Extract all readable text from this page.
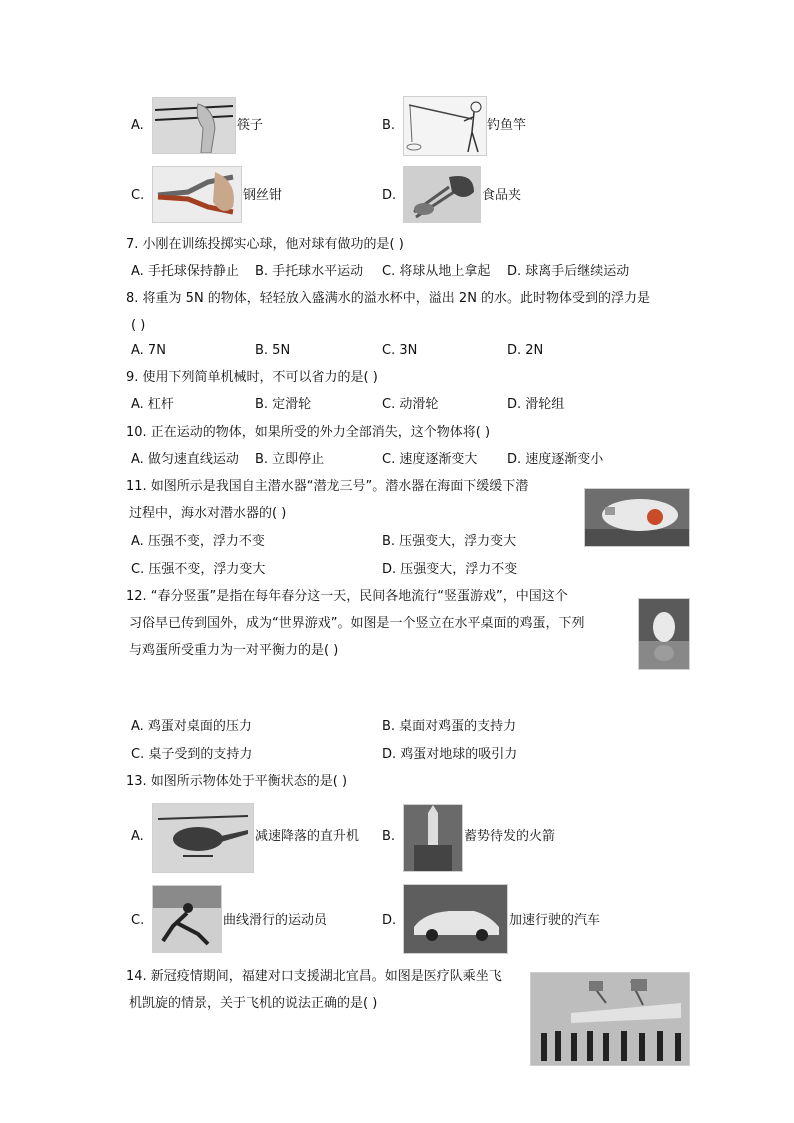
A.	筷子	B.	钓鱼竿
C.	钢丝钳	D.	食品夹
7. 小刚在训练投掷实心球，他对球有做功的是( )
A. 手托球保持静止 B. 手托球水平运动 C. 将球从地上拿起 D. 球离手后继续运动
8. 将重为 5N 的物体，轻轻放入盛满水的溢水杯中，溢出 2N 的水。此时物体受到的浮力是
( )
A. 7N	B. 5N	C. 3N	D. 2N
9. 使用下列简单机械时，不可以省力的是( )
A. 杠杆	B. 定滑轮	C. 动滑轮	D. 滑轮组
10. 正在运动的物体，如果所受的外力全部消失，这个物体将( )
A. 做匀速直线运动 B. 立即停止	C. 速度逐渐变大 D. 速度逐渐变小
11. 如图所示是我国自主潜水器“潜龙三号”。潜水器在海面下缓缓下潜
过程中，海水对潜水器的( )
A. 压强不变，浮力不变	B. 压强变大，浮力变大
C. 压强不变，浮力变大	D. 压强变大，浮力不变
12. “春分竖蛋”是指在每年春分这一天，民间各地流行“竖蛋游戏”，中国这个
习俗早已传到国外，成为“世界游戏”。如图是一个竖立在水平桌面的鸡蛋，下列
与鸡蛋所受重力为一对平衡力的是( )
A. 鸡蛋对桌面的压力	B. 桌面对鸡蛋的支持力
C. 桌子受到的支持力	D. 鸡蛋对地球的吸引力
13. 如图所示物体处于平衡状态的是( )
A.	减速降落的直升机 B.	蓄势待发的火箭
C.	曲线滑行的运动员	D.	加速行驶的汽车
14. 新冠疫情期间，福建对口支援湖北宜昌。如图是医疗队乘坐飞
机凯旋的情景，关于飞机的说法正确的是( )
